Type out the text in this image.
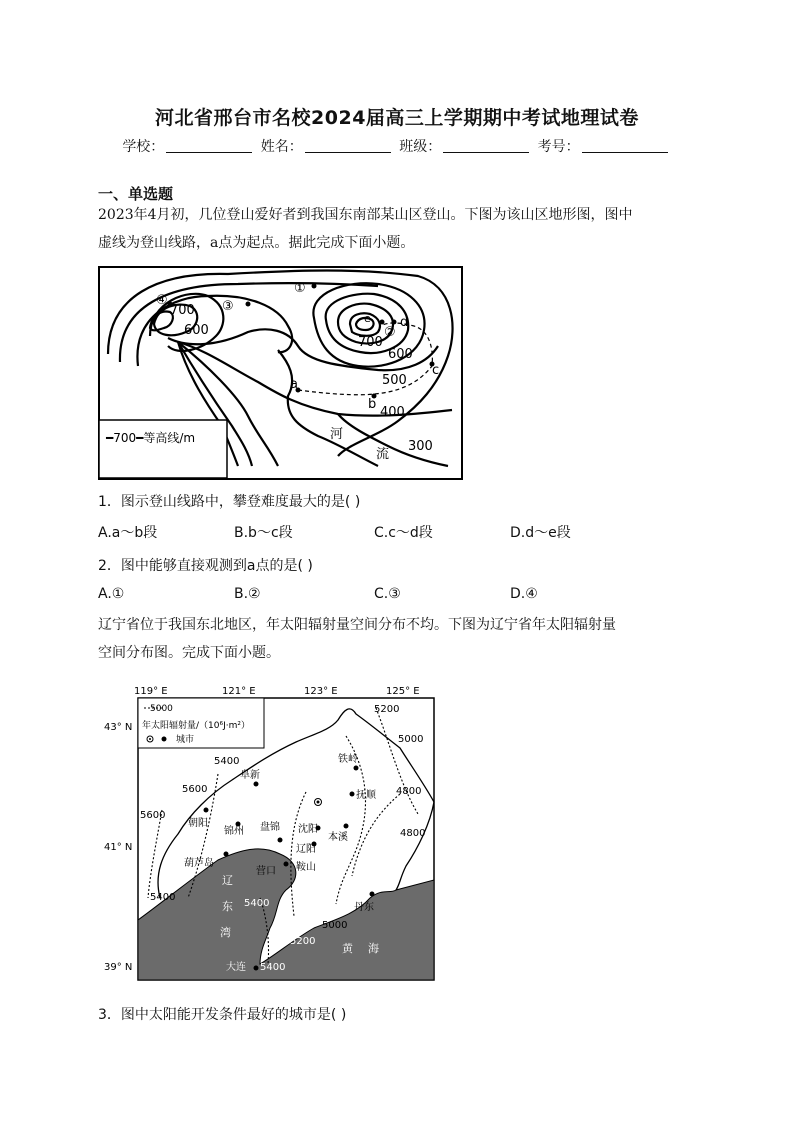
河北省邢台市名校2024届高三上学期期中考试地理试卷
学校：	姓名：	班级：	考号：
一、单选题
2023年4月初，几位登山爱好者到我国东南部某山区登山。下图为该山区地形图，图中
虚线为登山线路，a点为起点。据此完成下面小题。
700
600
700
600
500
400
300
①
②
③
④
a
b
c
d
e
河
流
━700━等高线/m
1．图示登山线路中，攀登难度最大的是( )
A.a～b段	B.b～c段	C.c～d段	D.d～e段
2．图中能够直接观测到a点的是( )
A.①	B.②	C.③	D.④
辽宁省位于我国东北地区，年太阳辐射量空间分布不均。下图为辽宁省年太阳辐射量
空间分布图。完成下面小题。
119° E	121° E	123° E	125° E
43° N
41° N
39° N
5200
5000
4800
4800
5400
5600
5600
5400
5400
5200
5000
5400
阜新
铁岭
沈阳
抚顺
朝阳
锦州 盘锦
辽阳
本溪
鞍山
葫芦岛
营口
丹东
大连
辽
东
湾
黄 海
5000
年太阳辐射量/（10⁶J·m²）
城市
3．图中太阳能开发条件最好的城市是( )
